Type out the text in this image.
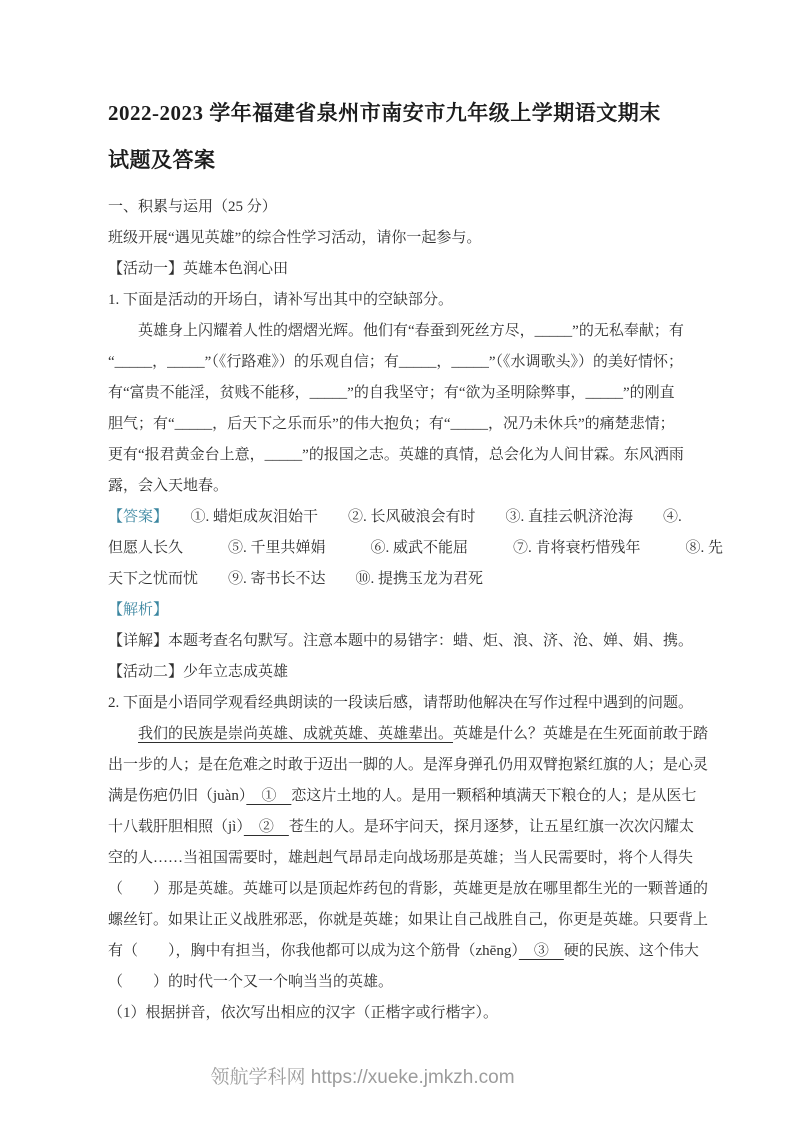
2022-2023 学年福建省泉州市南安市九年级上学期语文期末
试题及答案
一、积累与运用（25 分）
班级开展“遇见英雄”的综合性学习活动，请你一起参与。
【活动一】英雄本色润心田
1. 下面是活动的开场白，请补写出其中的空缺部分。
英雄身上闪耀着人性的熠熠光辉。他们有“春蚕到死丝方尽，_____”的无私奉献；有
“_____，_____”（《行路难》）的乐观自信；有_____，_____”（《水调歌头》）的美好情怀；
有“富贵不能淫，贫贱不能移，_____”的自我坚守；有“欲为圣明除弊事，_____”的刚直
胆气；有“_____，后天下之乐而乐”的伟大抱负；有“_____，况乃未休兵”的痛楚悲情；
更有“报君黄金台上意，_____”的报国之志。英雄的真情，总会化为人间甘霖。东风洒雨
露，会入天地春。
【答案】　　①. 蜡炬成灰泪始干　　②. 长风破浪会有时　　③. 直挂云帆济沧海　　④.
但愿人长久　　　⑤. 千里共婵娟　　　⑥. 威武不能屈　　　⑦. 肯将衰朽惜残年　　　⑧. 先
天下之忧而忧　　⑨. 寄书长不达　　⑩. 提携玉龙为君死
【解析】
【详解】本题考查名句默写。注意本题中的易错字：蜡、炬、浪、济、沧、婵、娟、携。
【活动二】少年立志成英雄
2. 下面是小语同学观看经典朗读的一段读后感，请帮助他解决在写作过程中遇到的问题。
我们的民族是崇尚英雄、成就英雄、英雄辈出。英雄是什么？英雄是在生死面前敢于踏
出一步的人；是在危难之时敢于迈出一脚的人。是浑身弹孔仍用双臂抱紧红旗的人；是心灵
满是伤疤仍旧（juàn）　①　恋这片土地的人。是用一颗稻种填满天下粮仓的人；是从医七
十八载肝胆相照（jì）　②　苍生的人。是环宇问天，探月逐梦，让五星红旗一次次闪耀太
空的人……当祖国需要时，雄赳赳气昂昂走向战场那是英雄；当人民需要时，将个人得失
（　　）那是英雄。英雄可以是顶起炸药包的背影，英雄更是放在哪里都生光的一颗普通的
螺丝钉。如果让正义战胜邪恶，你就是英雄；如果让自己战胜自己，你更是英雄。只要背上
有（　　），胸中有担当，你我他都可以成为这个筋骨（zhēng）　③　硬的民族、这个伟大
（　　）的时代一个又一个响当当的英雄。
（1）根据拼音，依次写出相应的汉字（正楷字或行楷字）。
领航学科网 https://xueke.jmkzh.com
